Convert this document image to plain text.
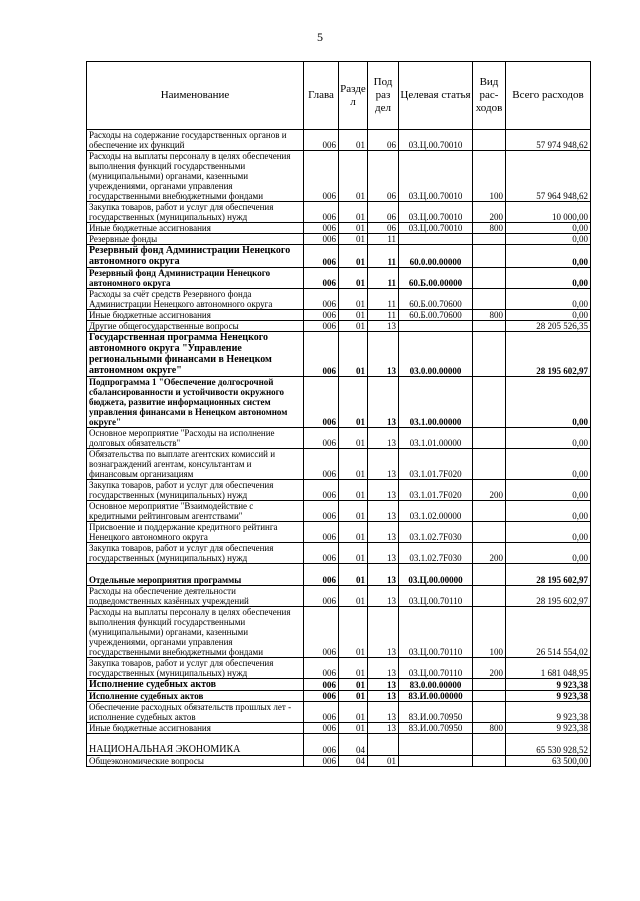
5
Наименование	Глава	Разде л	Под раз дел	Целевая статья	Вид рас- ходов	Всего расходов
Расходы на содержание государственных органов и обеспечение их функций	006	01	06	03.Ц.00.70010		57 974 948,62
Расходы на выплаты персоналу в целях обеспечения выполнения функций государственными (муниципальными) органами, казенными учреждениями, органами управления государственными внебюджетными фондами	006	01	06	03.Ц.00.70010	100	57 964 948,62
Закупка товаров, работ и услуг для обеспечения государственных (муниципальных) нужд	006	01	06	03.Ц.00.70010	200	10 000,00
Иные бюджетные ассигнования	006	01	06	03.Ц.00.70010	800	0,00
Резервные фонды	006	01	11			0,00
Резервный фонд Администрации Ненецкого автономного округа	006	01	11	60.0.00.00000		0,00
Резервный фонд Администрации Ненецкого автономного округа	006	01	11	60.Б.00.00000		0,00
Расходы за счёт средств Резервного фонда Администрации Ненецкого автономного округа	006	01	11	60.Б.00.70600		0,00
Иные бюджетные ассигнования	006	01	11	60.Б.00.70600	800	0,00
Другие общегосударственные вопросы	006	01	13			28 205 526,35
Государственная программа Ненецкого автономного округа "Управление региональными финансами в Ненецком автономном округе"	006	01	13	03.0.00.00000		28 195 602,97
Подпрограмма 1 "Обеспечение долгосрочной сбалансированности и устойчивости окружного бюджета, развитие информационных систем управления финансами в Ненецком автономном округе"	006	01	13	03.1.00.00000		0,00
Основное мероприятие "Расходы на исполнение долговых обязательств"	006	01	13	03.1.01.00000		0,00
Обязательства по выплате агентских комиссий и вознаграждений агентам, консультантам и финансовым организациям	006	01	13	03.1.01.7F020		0,00
Закупка товаров, работ и услуг для обеспечения государственных (муниципальных) нужд	006	01	13	03.1.01.7F020	200	0,00
Основное мероприятие "Взаимодействие с кредитными рейтинговым агентствами"	006	01	13	03.1.02.00000		0,00
Присвоение и поддержание кредитного рейтинга Ненецкого автономного округа	006	01	13	03.1.02.7F030		0,00
Закупка товаров, работ и услуг для обеспечения государственных (муниципальных) нужд	006	01	13	03.1.02.7F030	200	0,00
Отдельные мероприятия программы	006	01	13	03.Ц.00.00000		28 195 602,97
Расходы на обеспечение деятельности подведомственных казённых учреждений	006	01	13	03.Ц.00.70110		28 195 602,97
Расходы на выплаты персоналу в целях обеспечения выполнения функций государственными (муниципальными) органами, казенными учреждениями, органами управления государственными внебюджетными фондами	006	01	13	03.Ц.00.70110	100	26 514 554,02
Закупка товаров, работ и услуг для обеспечения государственных (муниципальных) нужд	006	01	13	03.Ц.00.70110	200	1 681 048,95
Исполнение судебных актов	006	01	13	83.0.00.00000		9 923,38
Исполнение судебных актов	006	01	13	83.И.00.00000		9 923,38
Обеспечение расходных обязательств прошлых лет - исполнение судебных актов	006	01	13	83.И.00.70950		9 923,38
Иные бюджетные ассигнования	006	01	13	83.И.00.70950	800	9 923,38
НАЦИОНАЛЬНАЯ ЭКОНОМИКА	006	04				65 530 928,52
Общеэкономические вопросы	006	04	01			63 500,00
